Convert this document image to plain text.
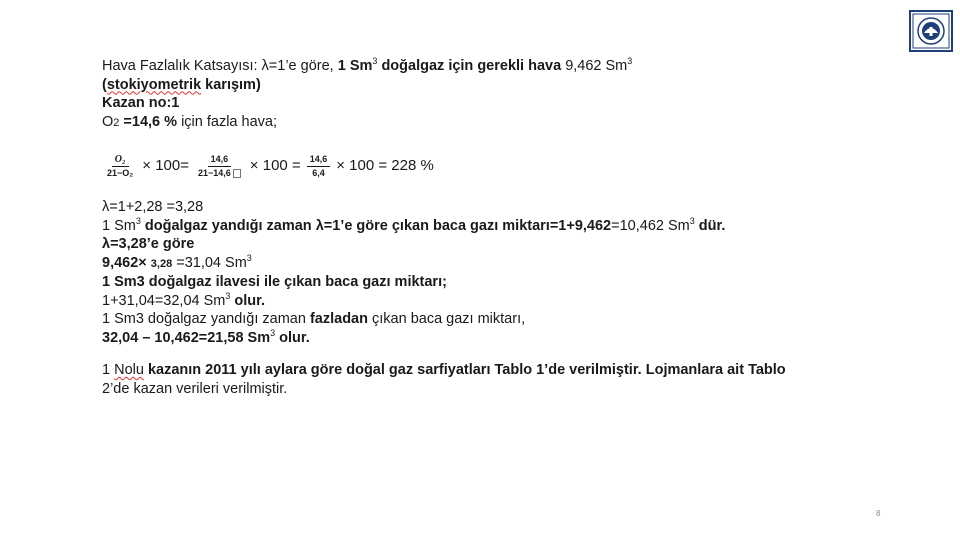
Hava Fazlalık Katsayısı: λ=1’e göre, 1 Sm$^3$ doğalgaz için gerekli hava 9,462 Sm$^3$
(stokiyometrik karışım)
Kazan no:1
O2 =14,6 % için fazla hava;
$\frac{\text{O₂}}{\text{21−O₂}} \times 100= \frac{14,6}{21-14,6} \times 100 = \frac{14,6}{6,4} \times 100 = 228$ %
λ=1+2,28 =3,28
1 Sm$^3$ doğalgaz yandığı zaman λ=1’e göre çıkan baca gazı miktarı=1+9,462=10,462 Sm$^3$ dür.
λ=3,28’e göre
9,462× 3,28 =31,04 Sm$^3$
1 Sm3 doğalgaz ilavesi ile çıkan baca gazı miktarı;
1+31,04=32,04 Sm$^3$ olur.
1 Sm3 doğalgaz yandığı zaman fazladan çıkan baca gazı miktarı,
32,04 – 10,462=21,58 Sm$^3$ olur.
1 Nolu kazanın 2011 yılı aylara göre doğal gaz sarfiyatları Tablo 1’de verilmiştir. Lojmanlara ait Tablo
2’de kazan verileri verilmiştir.
8
